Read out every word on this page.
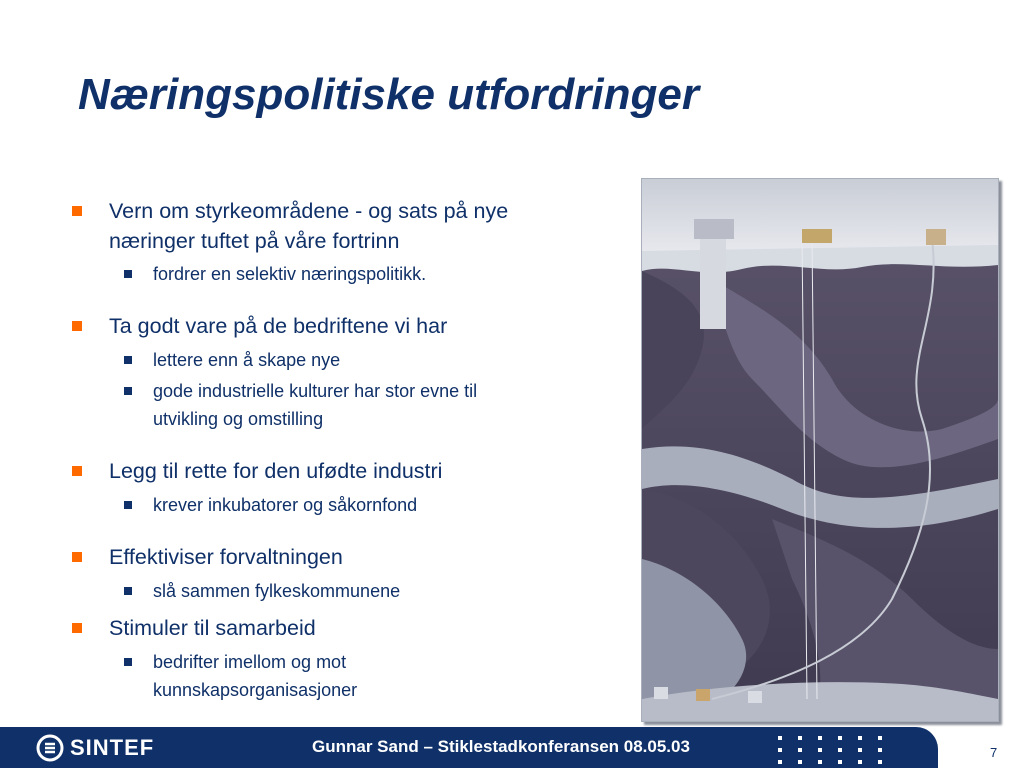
Næringspolitiske utfordringer
Vern om styrkeområdene - og sats på nye næringer tuftet på våre fortrinn
fordrer en selektiv næringspolitikk.
Ta godt vare på de bedriftene vi har
lettere enn å skape nye
gode industrielle kulturer har stor evne til utvikling og omstilling
Legg til rette for den ufødte industri
krever inkubatorer og såkornfond
Effektiviser forvaltningen
slå sammen fylkeskommunene
Stimuler til samarbeid
bedrifter imellom og mot kunnskapsorganisasjoner
SINTEF	Gunnar Sand – Stiklestadkonferansen 08.05.03	7
